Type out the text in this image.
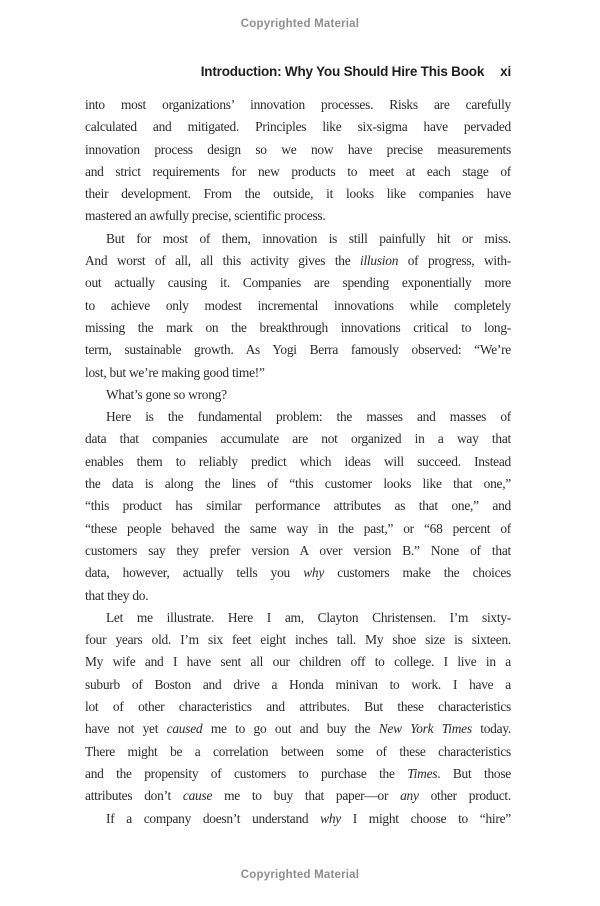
Copyrighted Material
Introduction: Why You Should Hire This Book xi
into most organizations’ innovation processes. Risks are carefully
calculated and mitigated. Principles like six-sigma have pervaded
innovation process design so we now have precise measurements
and strict requirements for new products to meet at each stage of
their development. From the outside, it looks like companies have
mastered an awfully precise, scientific process.
But for most of them, innovation is still painfully hit or miss.
And worst of all, all this activity gives the illusion of progress, with-
out actually causing it. Companies are spending exponentially more
to achieve only modest incremental innovations while completely
missing the mark on the breakthrough innovations critical to long-
term, sustainable growth. As Yogi Berra famously observed: “We’re
lost, but we’re making good time!”
What’s gone so wrong?
Here is the fundamental problem: the masses and masses of
data that companies accumulate are not organized in a way that
enables them to reliably predict which ideas will succeed. Instead
the data is along the lines of “this customer looks like that one,”
“this product has similar performance attributes as that one,” and
“these people behaved the same way in the past,” or “68 percent of
customers say they prefer version A over version B.” None of that
data, however, actually tells you why customers make the choices
that they do.
Let me illustrate. Here I am, Clayton Christensen. I’m sixty-
four years old. I’m six feet eight inches tall. My shoe size is sixteen.
My wife and I have sent all our children off to college. I live in a
suburb of Boston and drive a Honda minivan to work. I have a
lot of other characteristics and attributes. But these characteristics
have not yet caused me to go out and buy the New York Times today.
There might be a correlation between some of these characteristics
and the propensity of customers to purchase the Times. But those
attributes don’t cause me to buy that paper—or any other product.
If a company doesn’t understand why I might choose to “hire”
Copyrighted Material
